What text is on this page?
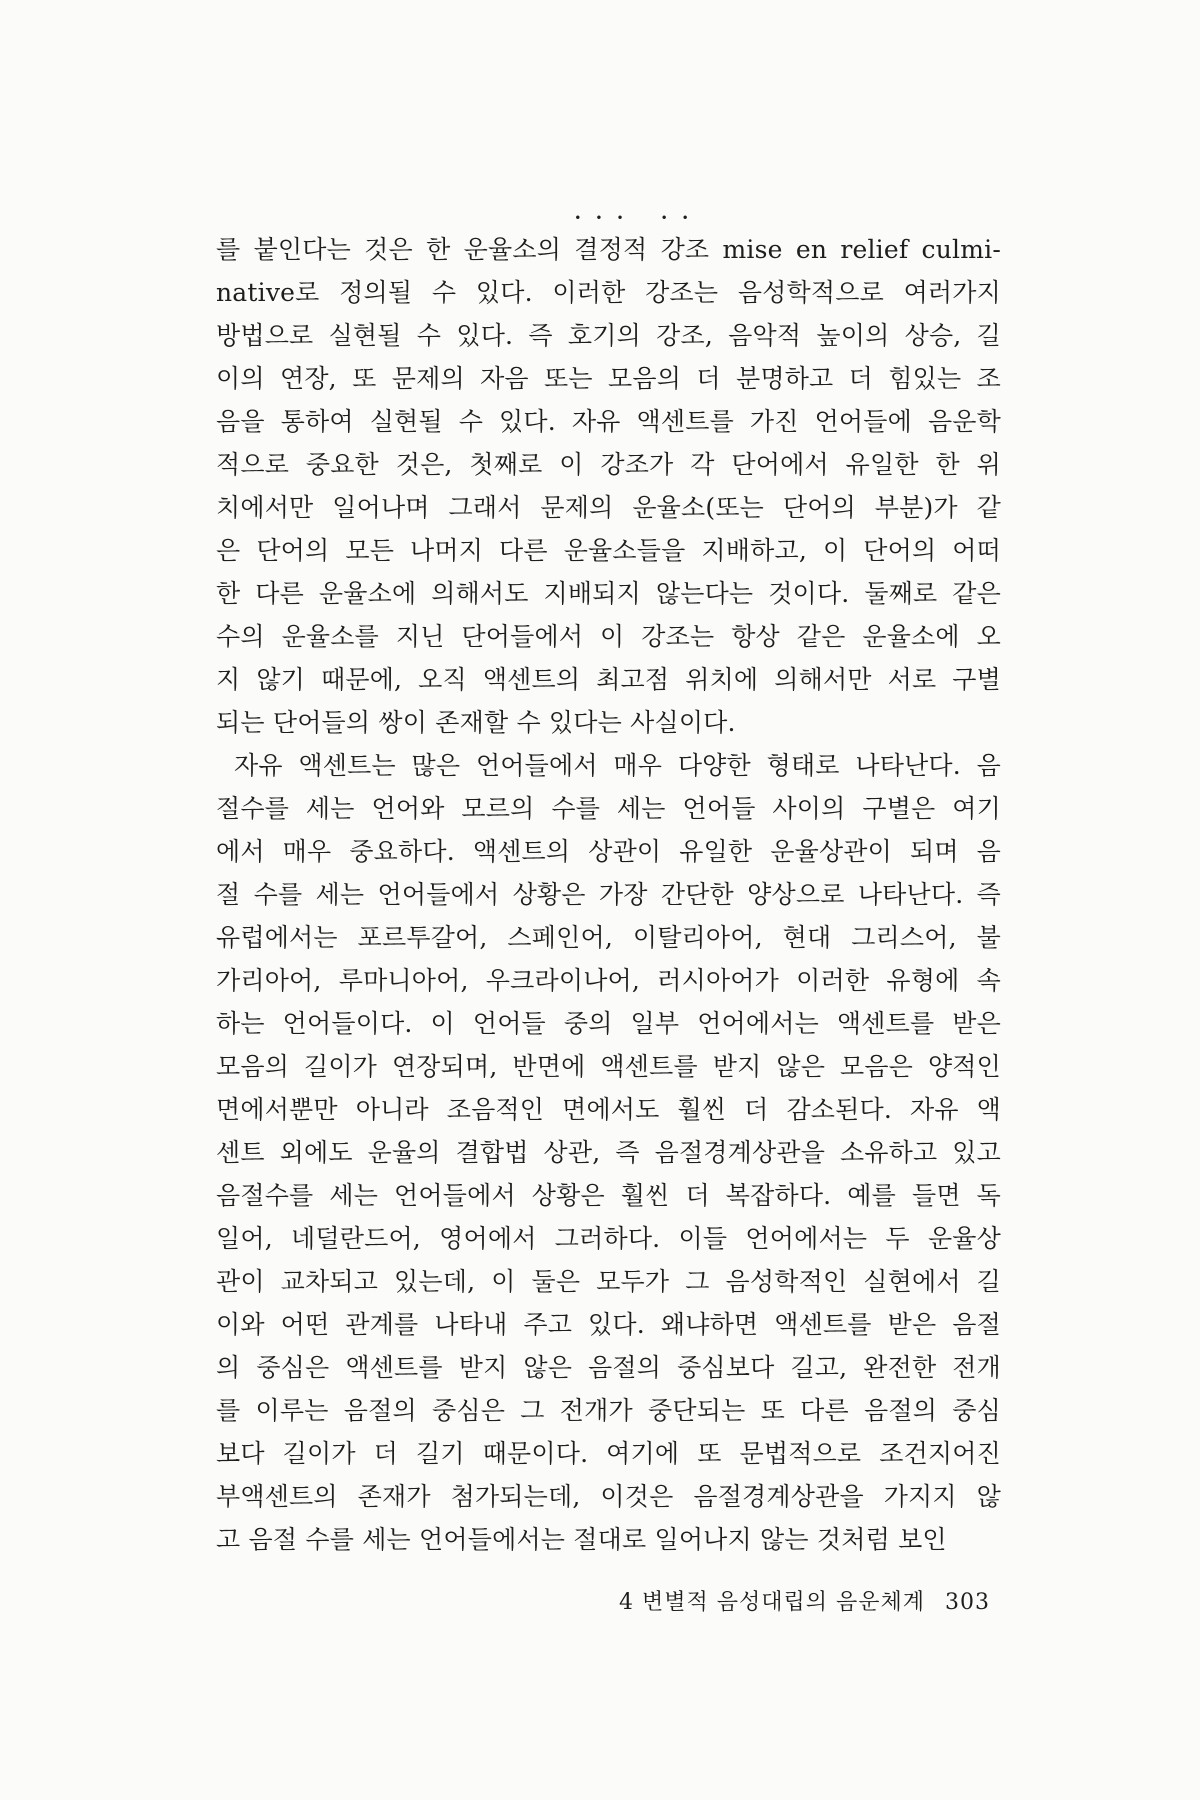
를 붙인다는 것은 한 운율소의 결정적
•••
강조
••
mise en relief culmi-
native로 정의될 수 있다. 이러한 강조는 음성학적으로 여러가지
방법으로 실현될 수 있다. 즉 호기의 강조, 음악적 높이의 상승, 길
이의 연장, 또 문제의 자음 또는 모음의 더 분명하고 더 힘있는 조
음을 통하여 실현될 수 있다. 자유 액센트를 가진 언어들에 음운학
적으로 중요한 것은, 첫째로 이 강조가 각 단어에서 유일한 한 위
치에서만 일어나며 그래서 문제의 운율소(또는 단어의 부분)가 같
은 단어의 모든 나머지 다른 운율소들을 지배하고, 이 단어의 어떠
한 다른 운율소에 의해서도 지배되지 않는다는 것이다. 둘째로 같은
수의 운율소를 지닌 단어들에서 이 강조는 항상 같은 운율소에 오
지 않기 때문에, 오직 액센트의 최고점 위치에 의해서만 서로 구별
되는 단어들의 쌍이 존재할 수 있다는 사실이다.
자유 액센트는 많은 언어들에서 매우 다양한 형태로 나타난다. 음
절수를 세는 언어와 모르의 수를 세는 언어들 사이의 구별은 여기
에서 매우 중요하다. 액센트의 상관이 유일한 운율상관이 되며 음
절 수를 세는 언어들에서 상황은 가장 간단한 양상으로 나타난다. 즉
유럽에서는 포르투갈어, 스페인어, 이탈리아어, 현대 그리스어, 불
가리아어, 루마니아어, 우크라이나어, 러시아어가 이러한 유형에 속
하는 언어들이다. 이 언어들 중의 일부 언어에서는 액센트를 받은
모음의 길이가 연장되며, 반면에 액센트를 받지 않은 모음은 양적인
면에서뿐만 아니라 조음적인 면에서도 훨씬 더 감소된다. 자유 액
센트 외에도 운율의 결합법 상관, 즉 음절경계상관을 소유하고 있고
음절수를 세는 언어들에서 상황은 훨씬 더 복잡하다. 예를 들면 독
일어, 네덜란드어, 영어에서 그러하다. 이들 언어에서는 두 운율상
관이 교차되고 있는데, 이 둘은 모두가 그 음성학적인 실현에서 길
이와 어떤 관계를 나타내 주고 있다. 왜냐하면 액센트를 받은 음절
의 중심은 액센트를 받지 않은 음절의 중심보다 길고, 완전한 전개
를 이루는 음절의 중심은 그 전개가 중단되는 또 다른 음절의 중심
보다 길이가 더 길기 때문이다. 여기에 또 문법적으로 조건지어진
부액센트의 존재가 첨가되는데, 이것은 음절경계상관을 가지지 않
고 음절 수를 세는 언어들에서는 절대로 일어나지 않는 것처럼 보인
4 변별적 음성대립의 음운체계 303
